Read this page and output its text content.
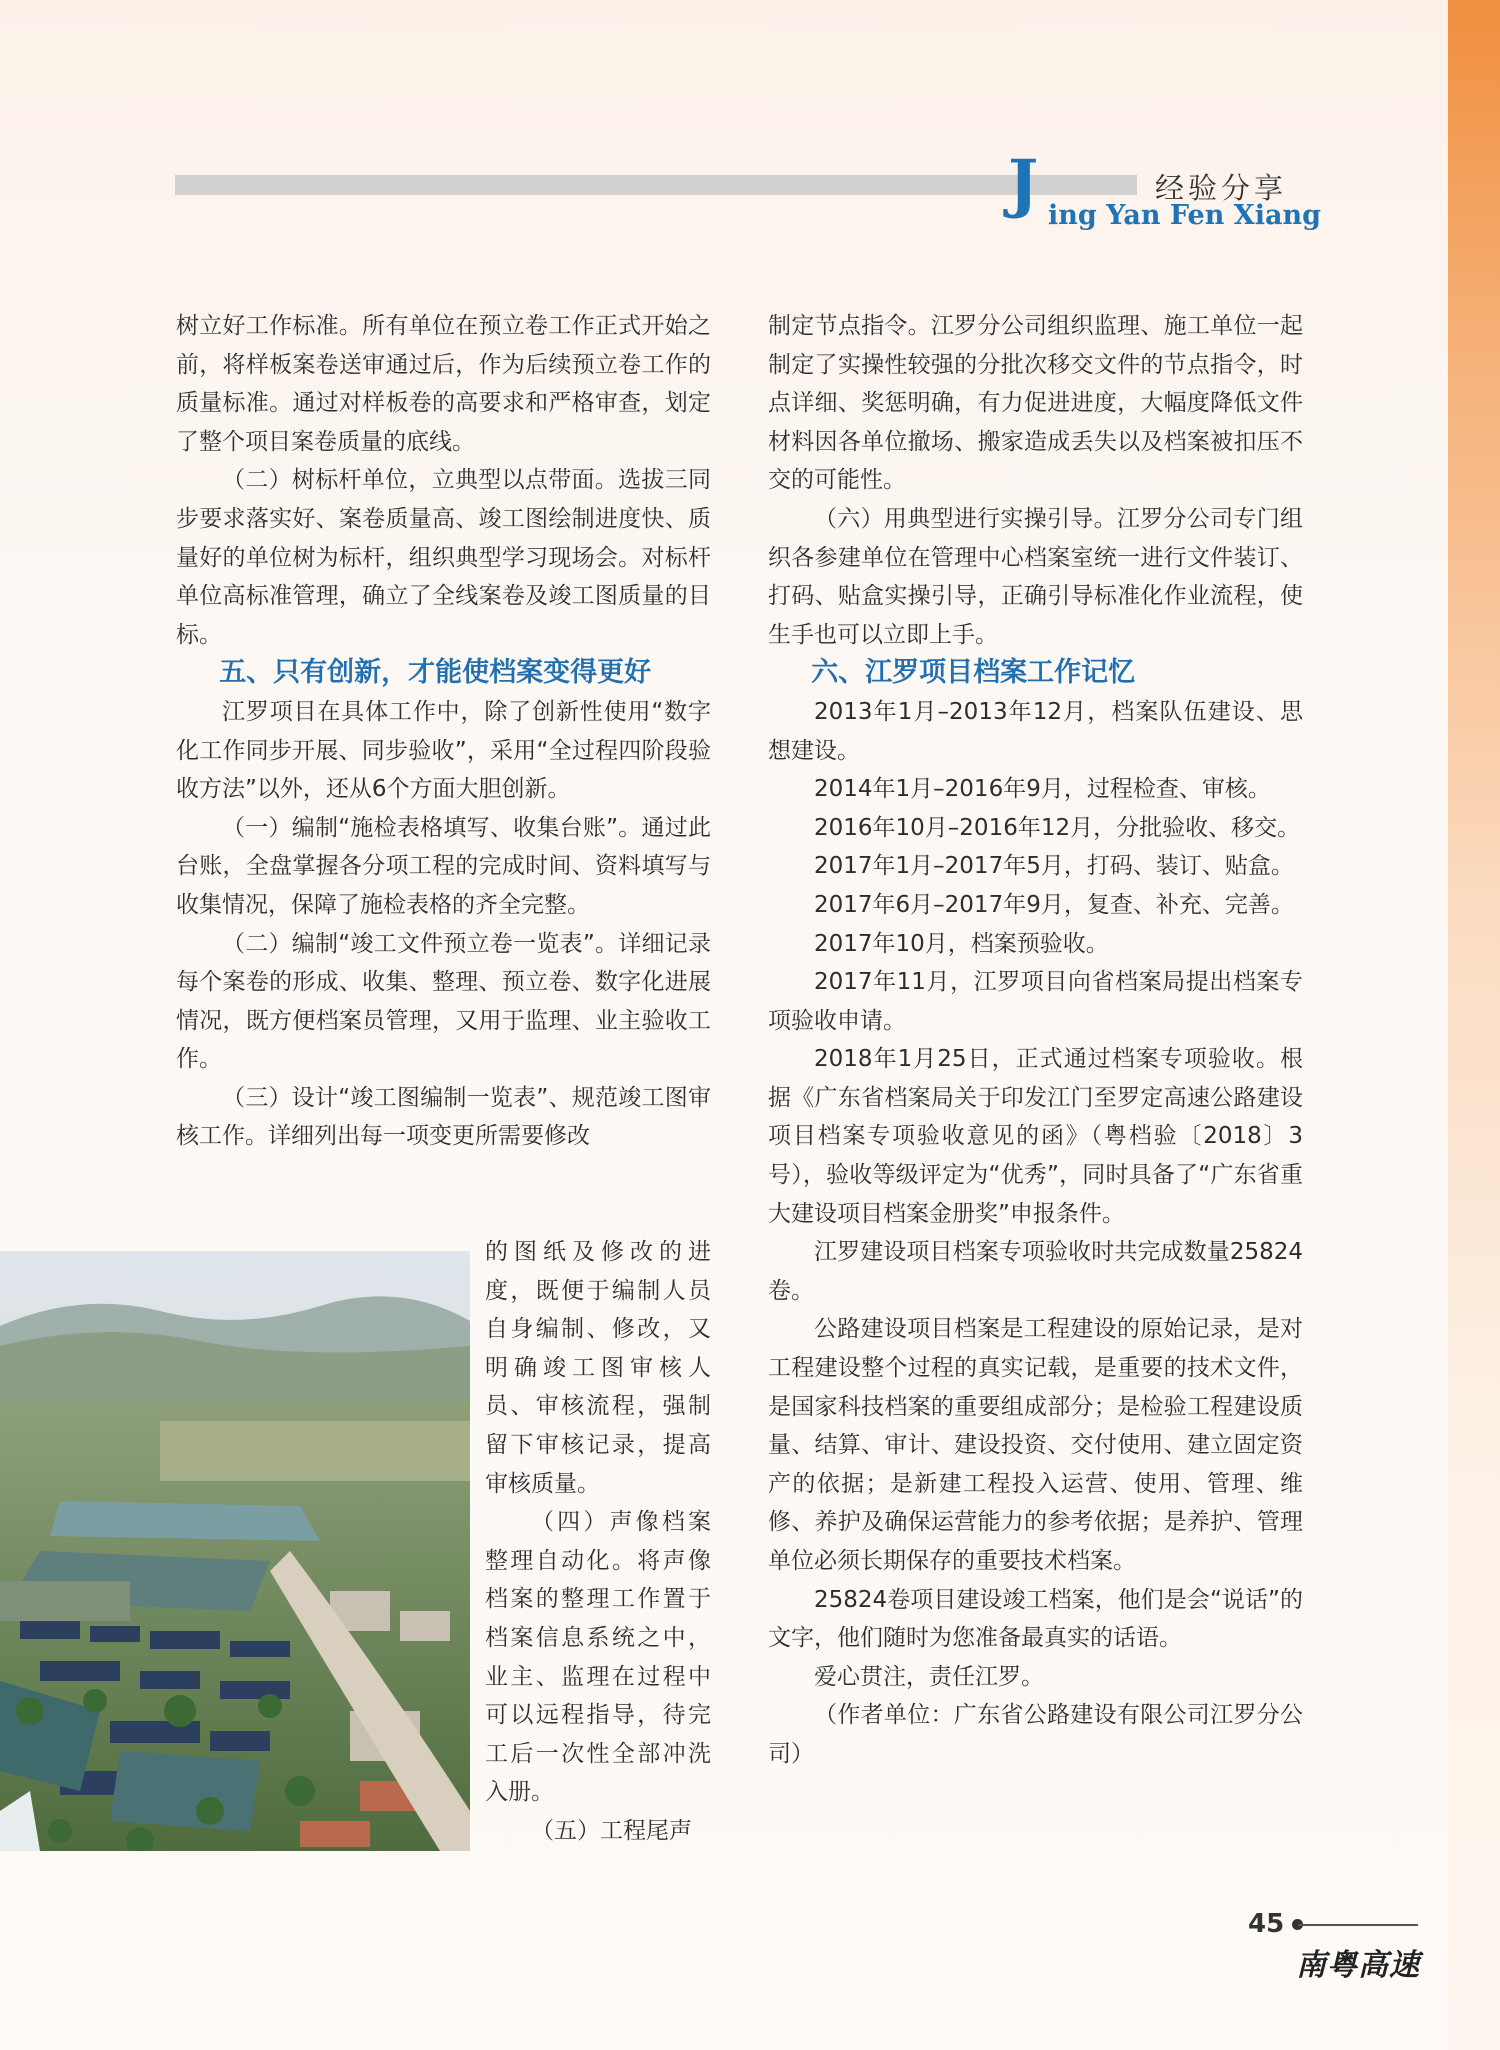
经验分享
J ing Yan Fen Xiang

树立好工作标准。所有单位在预立卷工作正式开始之前，将样板案卷送审通过后，作为后续预立卷工作的质量标准。通过对样板卷的高要求和严格审查，划定了整个项目案卷质量的底线。

（二）树标杆单位，立典型以点带面。选拔三同步要求落实好、案卷质量高、竣工图绘制进度快、质量好的单位树为标杆，组织典型学习现场会。对标杆单位高标准管理，确立了全线案卷及竣工图质量的目标。

五、只有创新，才能使档案变得更好

江罗项目在具体工作中，除了创新性使用“数字化工作同步开展、同步验收”，采用“全过程四阶段验收方法”以外，还从6个方面大胆创新。

（一）编制“施检表格填写、收集台账”。通过此台账，全盘掌握各分项工程的完成时间、资料填写与收集情况，保障了施检表格的齐全完整。

（二）编制“竣工文件预立卷一览表”。详细记录每个案卷的形成、收集、整理、预立卷、数字化进展情况，既方便档案员管理，又用于监理、业主验收工作。

（三）设计“竣工图编制一览表”、规范竣工图审核工作。详细列出每一项变更所需要修改

的图纸及修改的进度，既便于编制人员自身编制、修改，又明确竣工图审核人员、审核流程，强制留下审核记录，提高审核质量。

（四）声像档案整理自动化。将声像档案的整理工作置于档案信息系统之中，业主、监理在过程中可以远程指导，待完工后一次性全部冲洗入册。

（五）工程尾声

制定节点指令。江罗分公司组织监理、施工单位一起制定了实操性较强的分批次移交文件的节点指令，时点详细、奖惩明确，有力促进进度，大幅度降低文件材料因各单位撤场、搬家造成丢失以及档案被扣压不交的可能性。

（六）用典型进行实操引导。江罗分公司专门组织各参建单位在管理中心档案室统一进行文件装订、打码、贴盒实操引导，正确引导标准化作业流程，使生手也可以立即上手。

六、江罗项目档案工作记忆

2013年1月–2013年12月，档案队伍建设、思想建设。

2014年1月–2016年9月，过程检查、审核。

2016年10月–2016年12月，分批验收、移交。

2017年1月–2017年5月，打码、装订、贴盒。

2017年6月–2017年9月，复查、补充、完善。

2017年10月，档案预验收。

2017年11月，江罗项目向省档案局提出档案专项验收申请。

2018年1月25日，正式通过档案专项验收。根据《广东省档案局关于印发江门至罗定高速公路建设项目档案专项验收意见的函》（粤档验〔2018〕3号），验收等级评定为“优秀”，同时具备了“广东省重大建设项目档案金册奖”申报条件。

江罗建设项目档案专项验收时共完成数量25824卷。

公路建设项目档案是工程建设的原始记录，是对工程建设整个过程的真实记载，是重要的技术文件，是国家科技档案的重要组成部分；是检验工程建设质量、结算、审计、建设投资、交付使用、建立固定资产的依据；是新建工程投入运营、使用、管理、维修、养护及确保运营能力的参考依据；是养护、管理单位必须长期保存的重要技术档案。

25824卷项目建设竣工档案，他们是会“说话”的文字，他们随时为您准备最真实的话语。

爱心贯注，责任江罗。

（作者单位：广东省公路建设有限公司江罗分公司）

45
南粤高速
